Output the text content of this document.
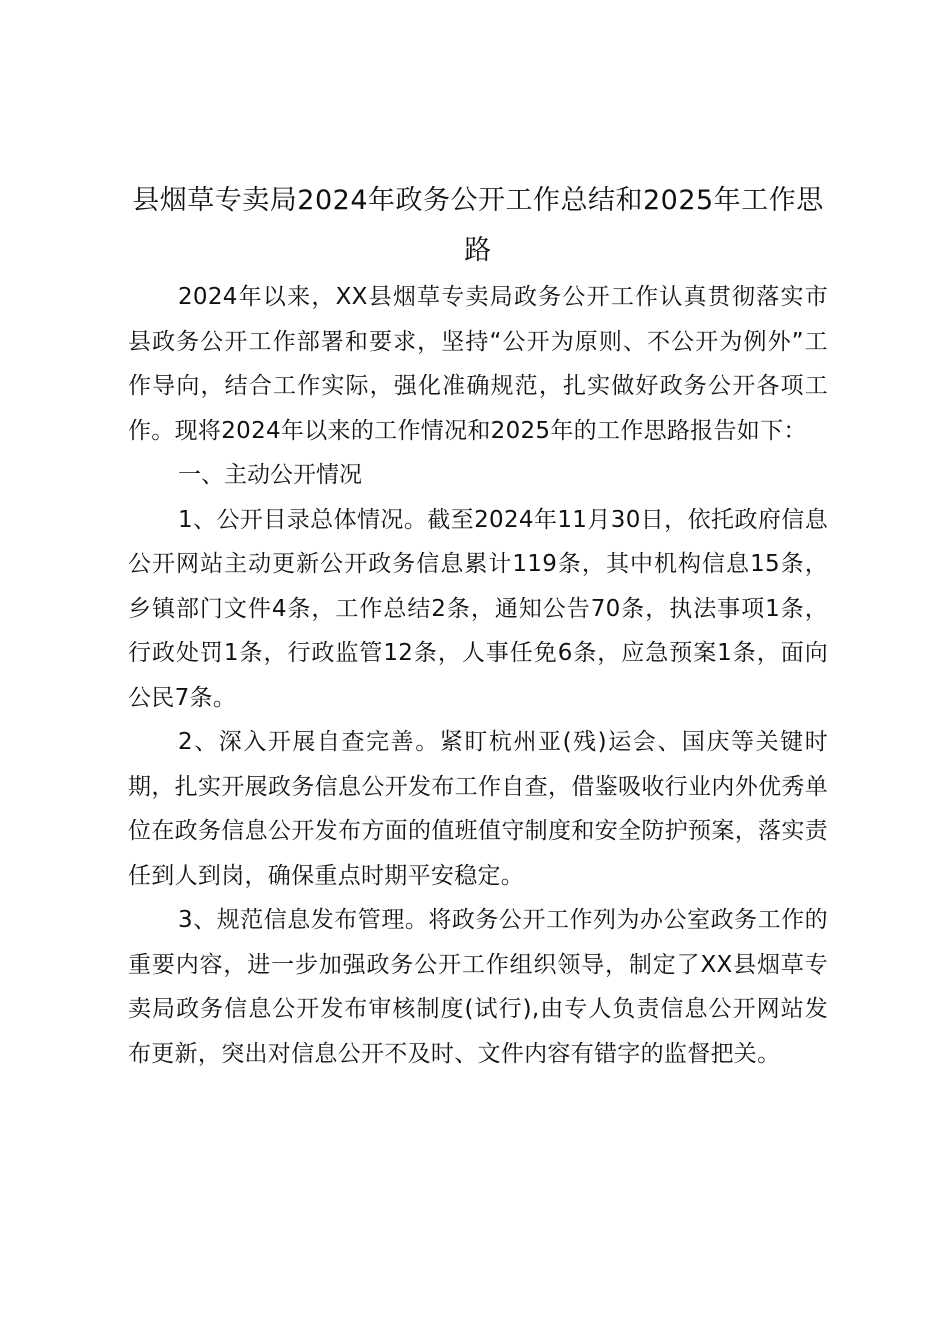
县烟草专卖局2024年政务公开工作总结和2025年工作思路

2024年以来，XX县烟草专卖局政务公开工作认真贯彻落实市县政务公开工作部署和要求，坚持“公开为原则、不公开为例外”工作导向，结合工作实际，强化准确规范，扎实做好政务公开各项工作。现将2024年以来的工作情况和2025年的工作思路报告如下：

一、主动公开情况

1、公开目录总体情况。截至2024年11月30日，依托政府信息公开网站主动更新公开政务信息累计119条，其中机构信息15条，乡镇部门文件4条，工作总结2条，通知公告70条，执法事项1条，行政处罚1条，行政监管12条，人事任免6条，应急预案1条，面向公民7条。

2、深入开展自查完善。紧盯杭州亚(残)运会、国庆等关键时期，扎实开展政务信息公开发布工作自查，借鉴吸收行业内外优秀单位在政务信息公开发布方面的值班值守制度和安全防护预案，落实责任到人到岗，确保重点时期平安稳定。

3、规范信息发布管理。将政务公开工作列为办公室政务工作的重要内容，进一步加强政务公开工作组织领导，制定了XX县烟草专卖局政务信息公开发布审核制度(试行),由专人负责信息公开网站发布更新，突出对信息公开不及时、文件内容有错字的监督把关。
